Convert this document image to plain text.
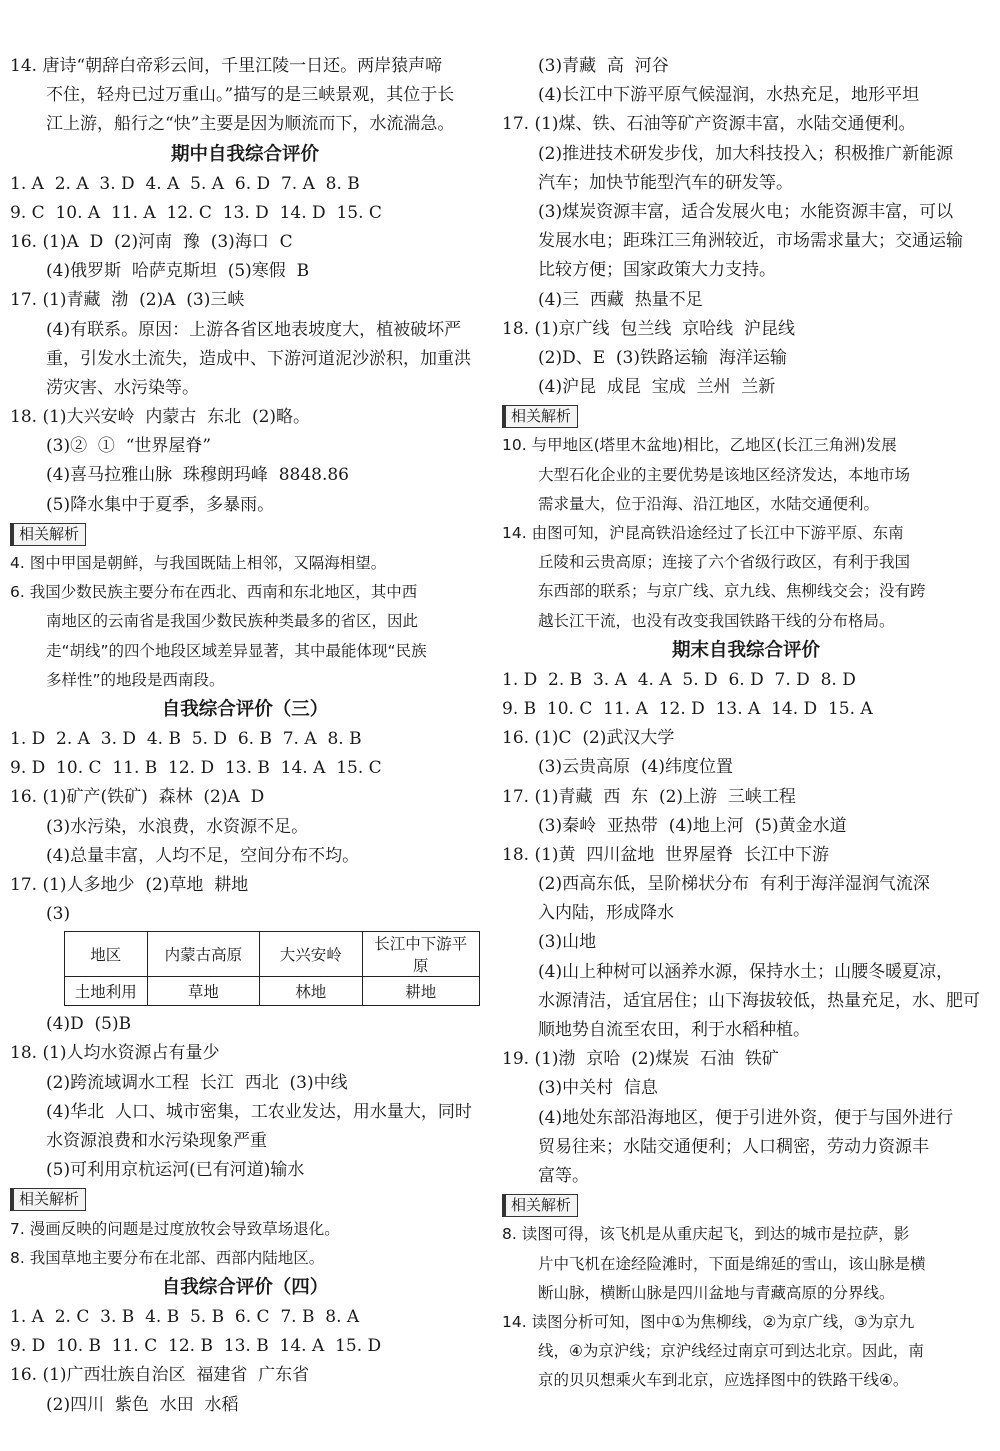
14. 唐诗“朝辞白帝彩云间，千里江陵一日还。两岸猿声啼
不住，轻舟已过万重山。”描写的是三峡景观，其位于长
江上游，船行之“快”主要是因为顺流而下，水流湍急。
期中自我综合评价
1. A  2. A  3. D  4. A  5. A  6. D  7. A  8. B
9. C  10. A  11. A  12. C  13. D  14. D  15. C
16. (1)A  D  (2)河南  豫  (3)海口  C
(4)俄罗斯  哈萨克斯坦  (5)寒假  B
17. (1)青藏  渤  (2)A  (3)三峡
(4)有联系。原因：上游各省区地表坡度大，植被破坏严
重，引发水土流失，造成中、下游河道泥沙淤积，加重洪
涝灾害、水污染等。
18. (1)大兴安岭  内蒙古  东北  (2)略。
(3)②  ①  “世界屋脊”
(4)喜马拉雅山脉  珠穆朗玛峰  8848.86
(5)降水集中于夏季，多暴雨。
相关解析
4. 图中甲国是朝鲜，与我国既陆上相邻，又隔海相望。
6. 我国少数民族主要分布在西北、西南和东北地区，其中西
南地区的云南省是我国少数民族种类最多的省区，因此
走“胡线”的四个地段区域差异显著，其中最能体现“民族
多样性”的地段是西南段。
自我综合评价（三）
1. D  2. A  3. D  4. B  5. D  6. B  7. A  8. B
9. D  10. C  11. B  12. D  13. B  14. A  15. C
16. (1)矿产(铁矿)  森林  (2)A  D
(3)水污染，水浪费，水资源不足。
(4)总量丰富，人均不足，空间分布不均。
17. (1)人多地少  (2)草地  耕地
(3)
地区	内蒙古高原	大兴安岭	长江中下游平原
土地利用	草地	林地	耕地
(4)D  (5)B
18. (1)人均水资源占有量少
(2)跨流域调水工程  长江  西北  (3)中线
(4)华北  人口、城市密集，工农业发达，用水量大，同时
水资源浪费和水污染现象严重
(5)可利用京杭运河(已有河道)输水
相关解析
7. 漫画反映的问题是过度放牧会导致草场退化。
8. 我国草地主要分布在北部、西部内陆地区。
自我综合评价（四）
1. A  2. C  3. B  4. B  5. B  6. C  7. B  8. A
9. D  10. B  11. C  12. B  13. B  14. A  15. D
16. (1)广西壮族自治区  福建省  广东省
(2)四川  紫色  水田  水稻
(3)青藏  高  河谷
(4)长江中下游平原气候湿润，水热充足，地形平坦
17. (1)煤、铁、石油等矿产资源丰富，水陆交通便利。
(2)推进技术研发步伐，加大科技投入；积极推广新能源
汽车；加快节能型汽车的研发等。
(3)煤炭资源丰富，适合发展火电；水能资源丰富，可以
发展水电；距珠江三角洲较近，市场需求量大；交通运输
比较方便；国家政策大力支持。
(4)三  西藏  热量不足
18. (1)京广线  包兰线  京哈线  沪昆线
(2)D、E  (3)铁路运输  海洋运输
(4)沪昆  成昆  宝成  兰州  兰新
相关解析
10. 与甲地区(塔里木盆地)相比，乙地区(长江三角洲)发展
大型石化企业的主要优势是该地区经济发达，本地市场
需求量大，位于沿海、沿江地区，水陆交通便利。
14. 由图可知，沪昆高铁沿途经过了长江中下游平原、东南
丘陵和云贵高原；连接了六个省级行政区，有利于我国
东西部的联系；与京广线、京九线、焦柳线交会；没有跨
越长江干流，也没有改变我国铁路干线的分布格局。
期末自我综合评价
1. D  2. B  3. A  4. A  5. D  6. D  7. D  8. D
9. B  10. C  11. A  12. D  13. A  14. D  15. A
16. (1)C  (2)武汉大学
(3)云贵高原  (4)纬度位置
17. (1)青藏  西  东  (2)上游  三峡工程
(3)秦岭  亚热带  (4)地上河  (5)黄金水道
18. (1)黄  四川盆地  世界屋脊  长江中下游
(2)西高东低，呈阶梯状分布  有利于海洋湿润气流深
入内陆，形成降水
(3)山地
(4)山上种树可以涵养水源，保持水土；山腰冬暖夏凉，
水源清洁，适宜居住；山下海拔较低，热量充足，水、肥可
顺地势自流至农田，利于水稻种植。
19. (1)渤  京哈  (2)煤炭  石油  铁矿
(3)中关村  信息
(4)地处东部沿海地区，便于引进外资，便于与国外进行
贸易往来；水陆交通便利；人口稠密，劳动力资源丰
富等。
相关解析
8. 读图可得，该飞机是从重庆起飞，到达的城市是拉萨，影
片中飞机在途经险滩时，下面是绵延的雪山，该山脉是横
断山脉，横断山脉是四川盆地与青藏高原的分界线。
14. 读图分析可知，图中①为焦柳线，②为京广线，③为京九
线，④为京沪线；京沪线经过南京可到达北京。因此，南
京的贝贝想乘火车到北京，应选择图中的铁路干线④。
